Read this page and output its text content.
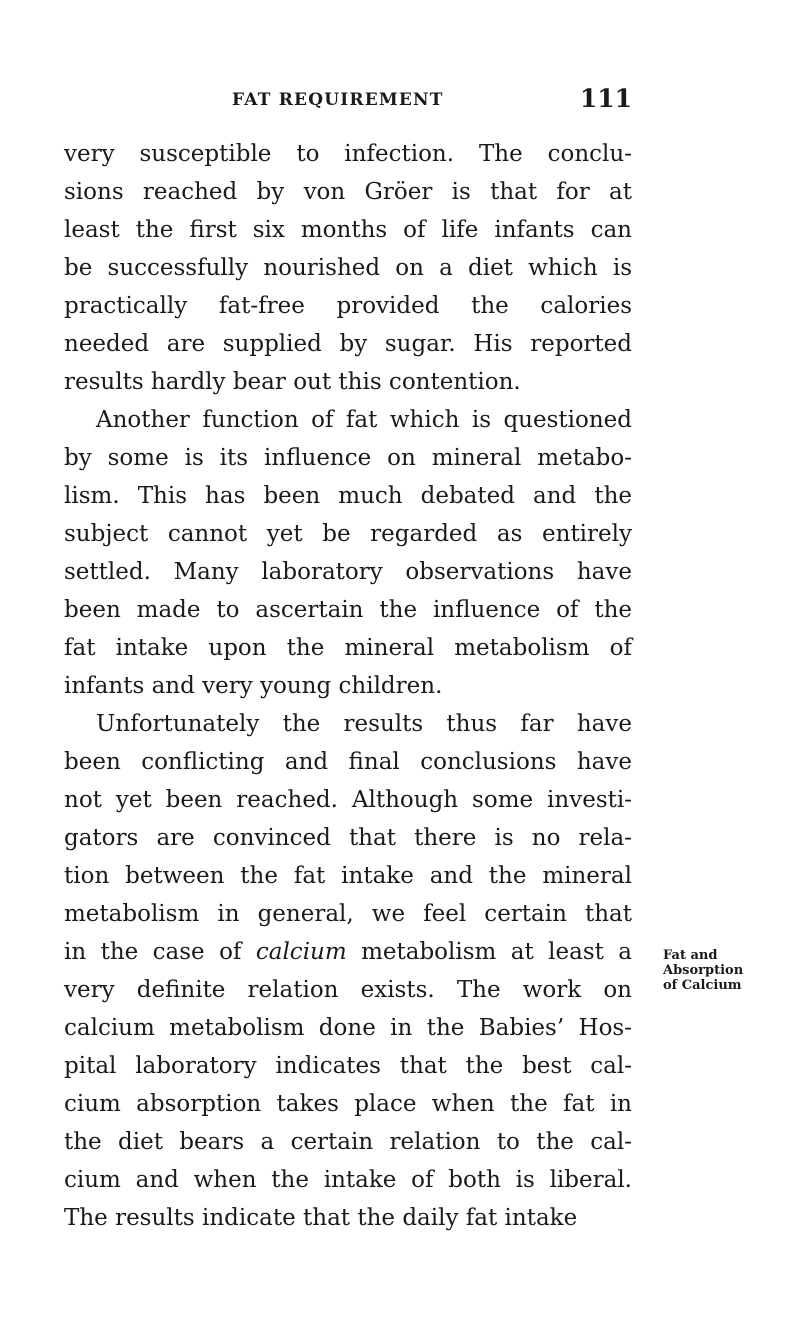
FAT REQUIREMENT	111
very susceptible to infection. The conclu-
sions reached by von Gröer is that for at
least the first six months of life infants can
be successfully nourished on a diet which is
practically fat-free provided the calories
needed are supplied by sugar. His reported
results hardly bear out this contention.
Another function of fat which is questioned
by some is its influence on mineral metabo-
lism. This has been much debated and the
subject cannot yet be regarded as entirely
settled. Many laboratory observations have
been made to ascertain the influence of the
fat intake upon the mineral metabolism of
infants and very young children.
Unfortunately the results thus far have
been conflicting and final conclusions have
not yet been reached. Although some investi-
gators are convinced that there is no rela-
tion between the fat intake and the mineral
metabolism in general, we feel certain that
in the case of calcium metabolism at least a
very definite relation exists. The work on
calcium metabolism done in the Babies’ Hos-
pital laboratory indicates that the best cal-
cium absorption takes place when the fat in
the diet bears a certain relation to the cal-
cium and when the intake of both is liberal.
The results indicate that the daily fat intake
Fat and
Absorption
of Calcium
